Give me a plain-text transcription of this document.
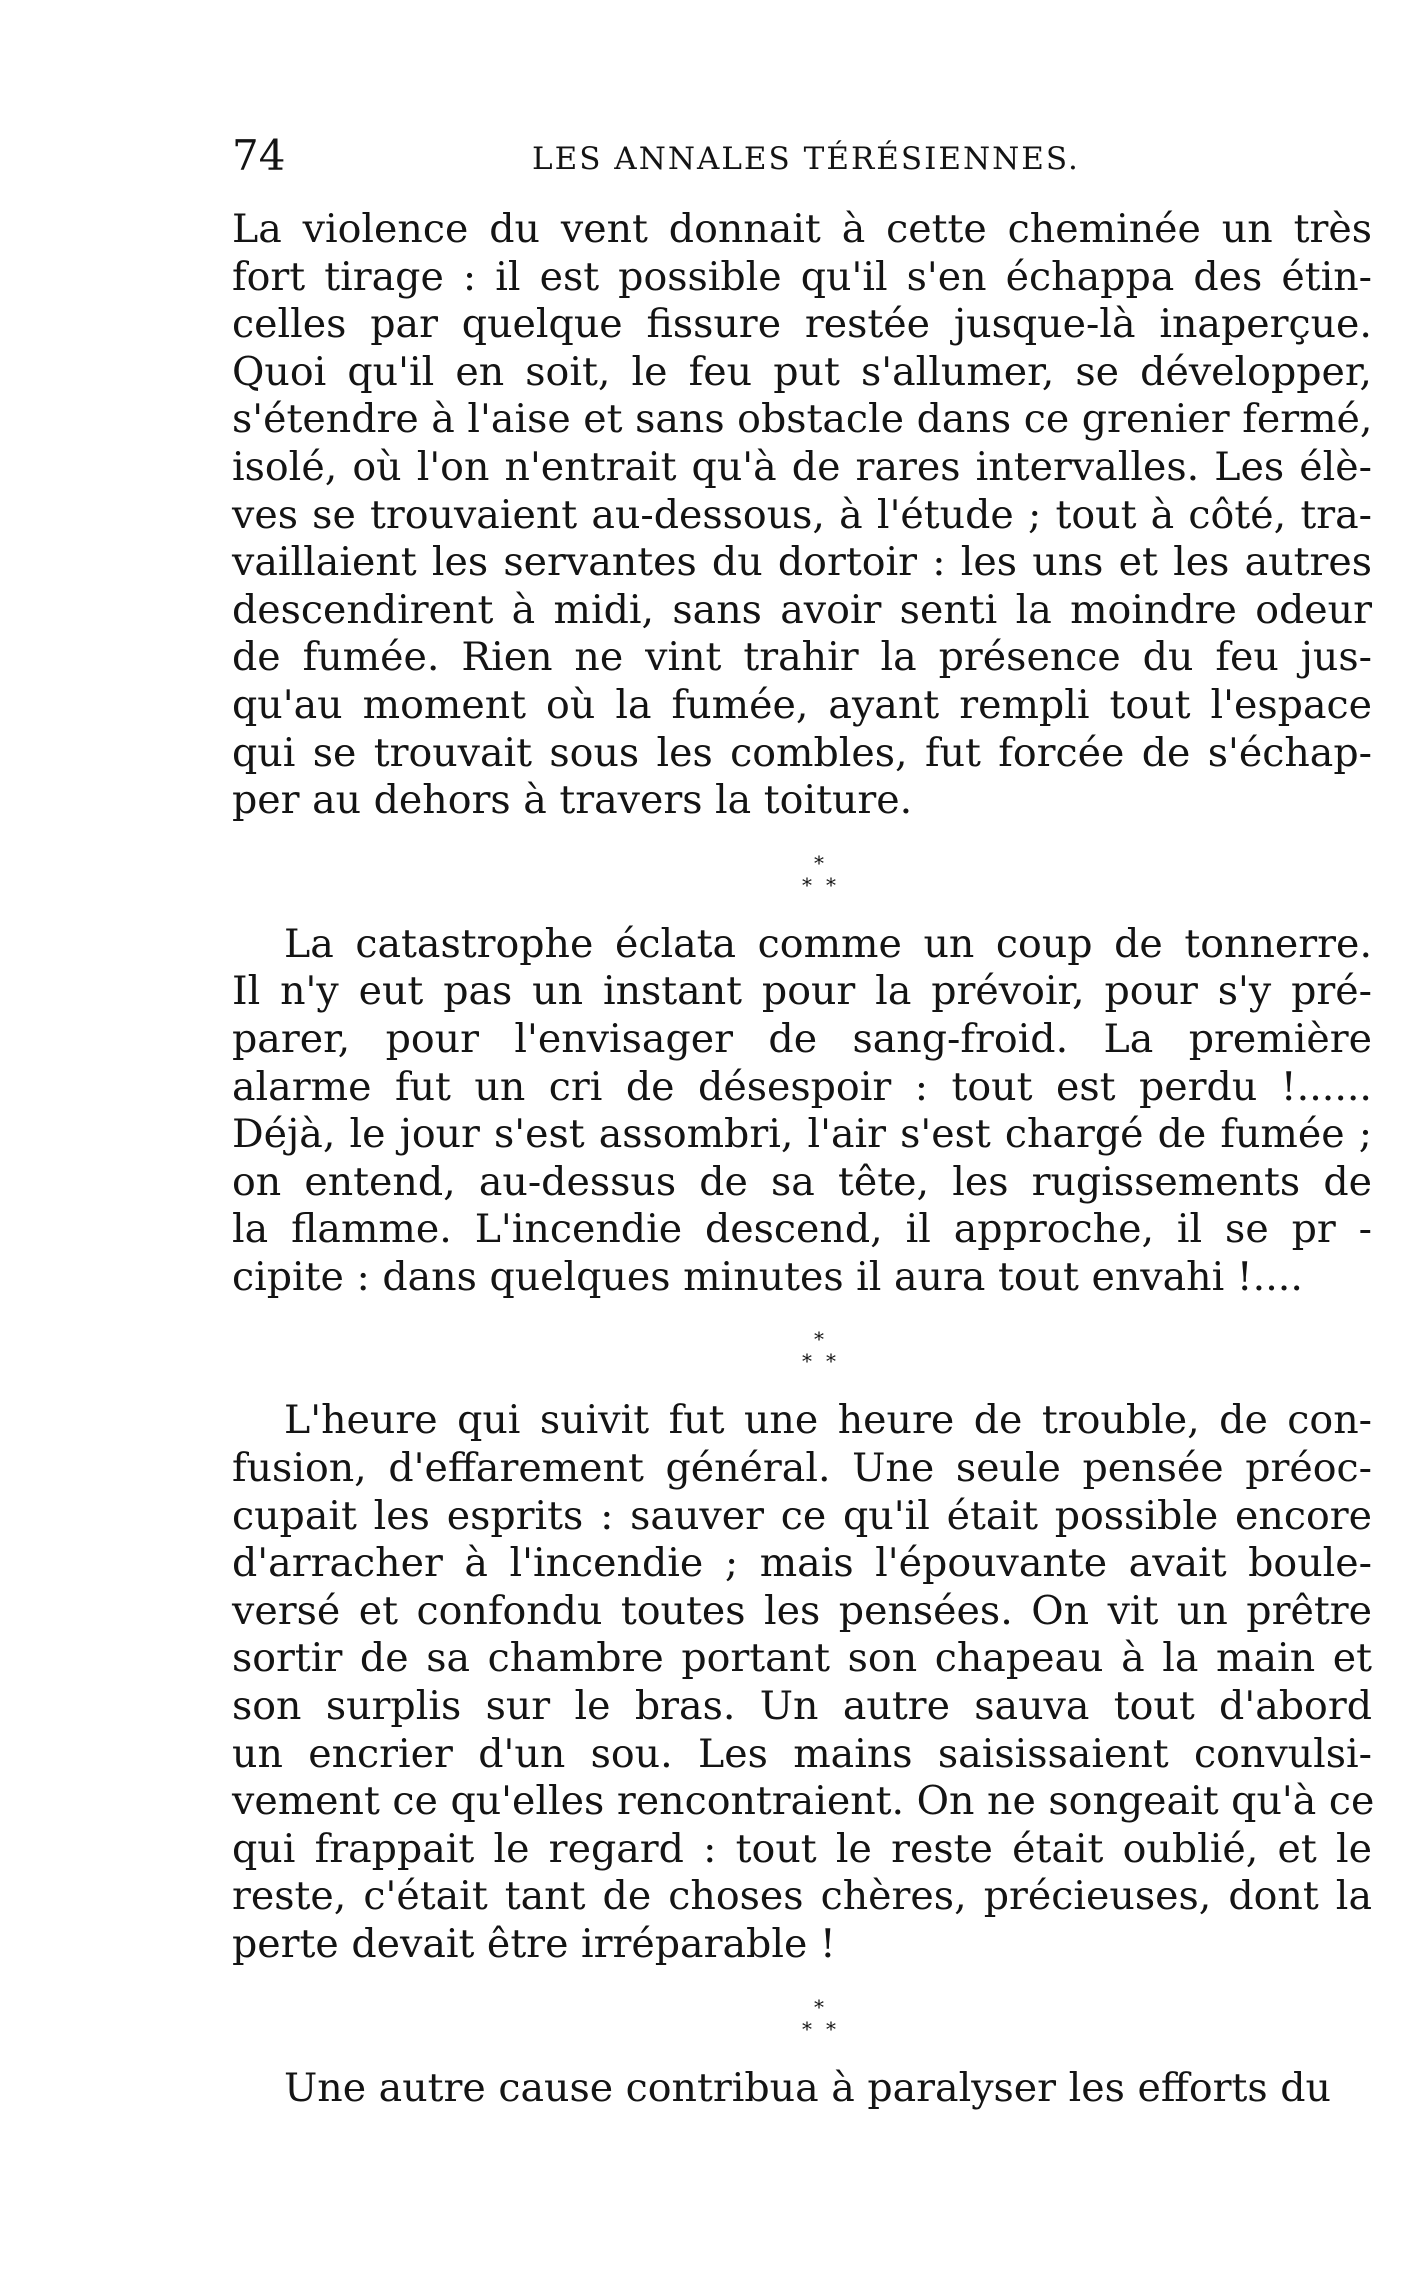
74	LES ANNALES TÉRÉSIENNES.
La violence du vent donnait à cette cheminée un très
fort tirage : il est possible qu'il s'en échappa des étin-
celles par quelque fissure restée jusque-là inaperçue.
Quoi qu'il en soit, le feu put s'allumer, se développer,
s'étendre à l'aise et sans obstacle dans ce grenier fermé,
isolé, où l'on n'entrait qu'à de rares intervalles. Les élè-
ves se trouvaient au-dessous, à l'étude ; tout à côté, tra-
vaillaient les servantes du dortoir : les uns et les autres
descendirent à midi, sans avoir senti la moindre odeur
de fumée. Rien ne vint trahir la présence du feu jus-
qu'au moment où la fumée, ayant rempli tout l'espace
qui se trouvait sous les combles, fut forcée de s'échap-
per au dehors à travers la toiture.
*
* *
La catastrophe éclata comme un coup de tonnerre.
Il n'y eut pas un instant pour la prévoir, pour s'y pré-
parer, pour l'envisager de sang-froid. La première
alarme fut un cri de désespoir : tout est perdu !......
Déjà, le jour s'est assombri, l'air s'est chargé de fumée ;
on entend, au-dessus de sa tête, les rugissements de
la flamme. L'incendie descend, il approche, il se pr -
cipite : dans quelques minutes il aura tout envahi !....
*
* *
L'heure qui suivit fut une heure de trouble, de con-
fusion, d'effarement général. Une seule pensée préoc-
cupait les esprits : sauver ce qu'il était possible encore
d'arracher à l'incendie ; mais l'épouvante avait boule-
versé et confondu toutes les pensées. On vit un prêtre
sortir de sa chambre portant son chapeau à la main et
son surplis sur le bras. Un autre sauva tout d'abord
un encrier d'un sou. Les mains saisissaient convulsi-
vement ce qu'elles rencontraient. On ne songeait qu'à ce
qui frappait le regard : tout le reste était oublié, et le
reste, c'était tant de choses chères, précieuses, dont la
perte devait être irréparable !
*
* *
Une autre cause contribua à paralyser les efforts du
